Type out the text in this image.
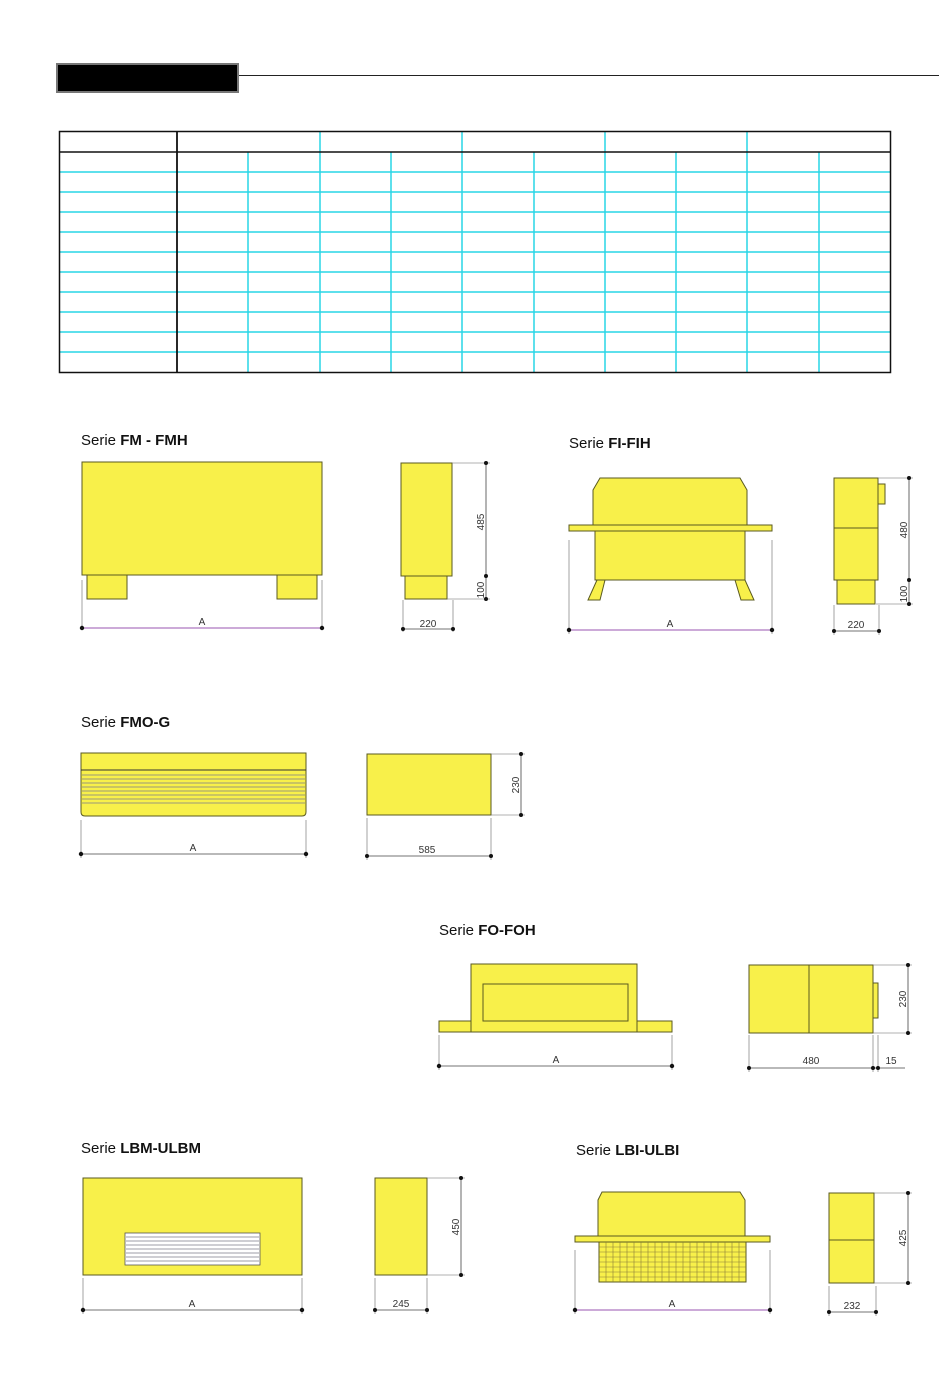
Serie FM - FMH	Serie FI-FIH
Serie FMO-G
Serie FO-FOH
Serie LBM-ULBM	Serie LBI-ULBI
A
485
100
220	A
480
100
220
A
230
585
A
230
480	15
A
450
245	A
425
232
